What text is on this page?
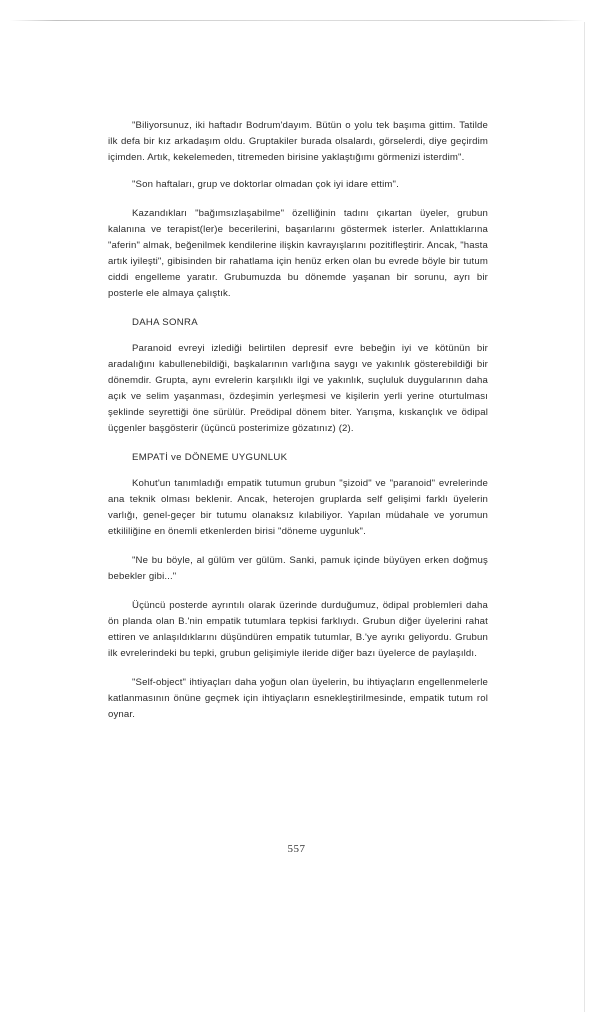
"Biliyorsunuz, iki haftadır Bodrum'dayım. Bütün o yolu tek başıma gittim. Tatilde ilk defa bir kız arkadaşım oldu. Gruptakiler burada olsalardı, görselerdi, diye geçirdim içimden. Artık, kekelemeden, titremeden birisine yaklaştığımı görmenizi isterdim".

"Son haftaları, grup ve doktorlar olmadan çok iyi idare ettim".

Kazandıkları "bağımsızlaşabilme" özelliğinin tadını çıkartan üyeler, grubun kalanına ve terapist(ler)e becerilerini, başarılarını göstermek isterler. Anlattıklarına "aferin" almak, beğenilmek kendilerine ilişkin kavrayışlarını pozitifleştirir. Ancak, "hasta artık iyileşti", gibisinden bir rahatlama için henüz erken olan bu evrede böyle bir tutum ciddi engelleme yaratır. Grubumuzda bu dönemde yaşanan bir sorunu, ayrı bir posterle ele almaya çalıştık.

DAHA SONRA

Paranoid evreyi izlediği belirtilen depresif evre bebeğin iyi ve kötünün bir aradalığını kabullenebildiği, başkalarının varlığına saygı ve yakınlık gösterebildiği bir dönemdir. Grupta, aynı evrelerin karşılıklı ilgi ve yakınlık, suçluluk duygularının daha açık ve selim yaşanması, özdeşimin yerleşmesi ve kişilerin yerli yerine oturtulması şeklinde seyrettiği öne sürülür. Preödipal dönem biter. Yarışma, kıskançlık ve ödipal üçgenler başgösterir (üçüncü posterimize gözatınız) (2).

EMPATİ ve DÖNEME UYGUNLUK

Kohut'un tanımladığı empatik tutumun grubun "şizoid" ve "paranoid" evrelerinde ana teknik olması beklenir. Ancak, heterojen gruplarda self gelişimi farklı üyelerin varlığı, genel-geçer bir tutumu olanaksız kılabiliyor. Yapılan müdahale ve yorumun etkililiğine en önemli etkenlerden birisi "döneme uygunluk".

"Ne bu böyle, al gülüm ver gülüm. Sanki, pamuk içinde büyüyen erken doğmuş bebekler gibi..."

Üçüncü posterde ayrıntılı olarak üzerinde durduğumuz, ödipal problemleri daha ön planda olan B.'nin empatik tutumlara tepkisi farklıydı. Grubun diğer üyelerini rahat ettiren ve anlaşıldıklarını düşündüren empatik tutumlar, B.'ye ayrıkı geliyordu. Grubun ilk evrelerindeki bu tepki, grubun gelişimiyle ileride diğer bazı üyelerce de paylaşıldı.

"Self-object" ihtiyaçları daha yoğun olan üyelerin, bu ihtiyaçların engellenmelerle katlanmasının önüne geçmek için ihtiyaçların esnekleştirilmesinde, empatik tutum rol oynar.

557
